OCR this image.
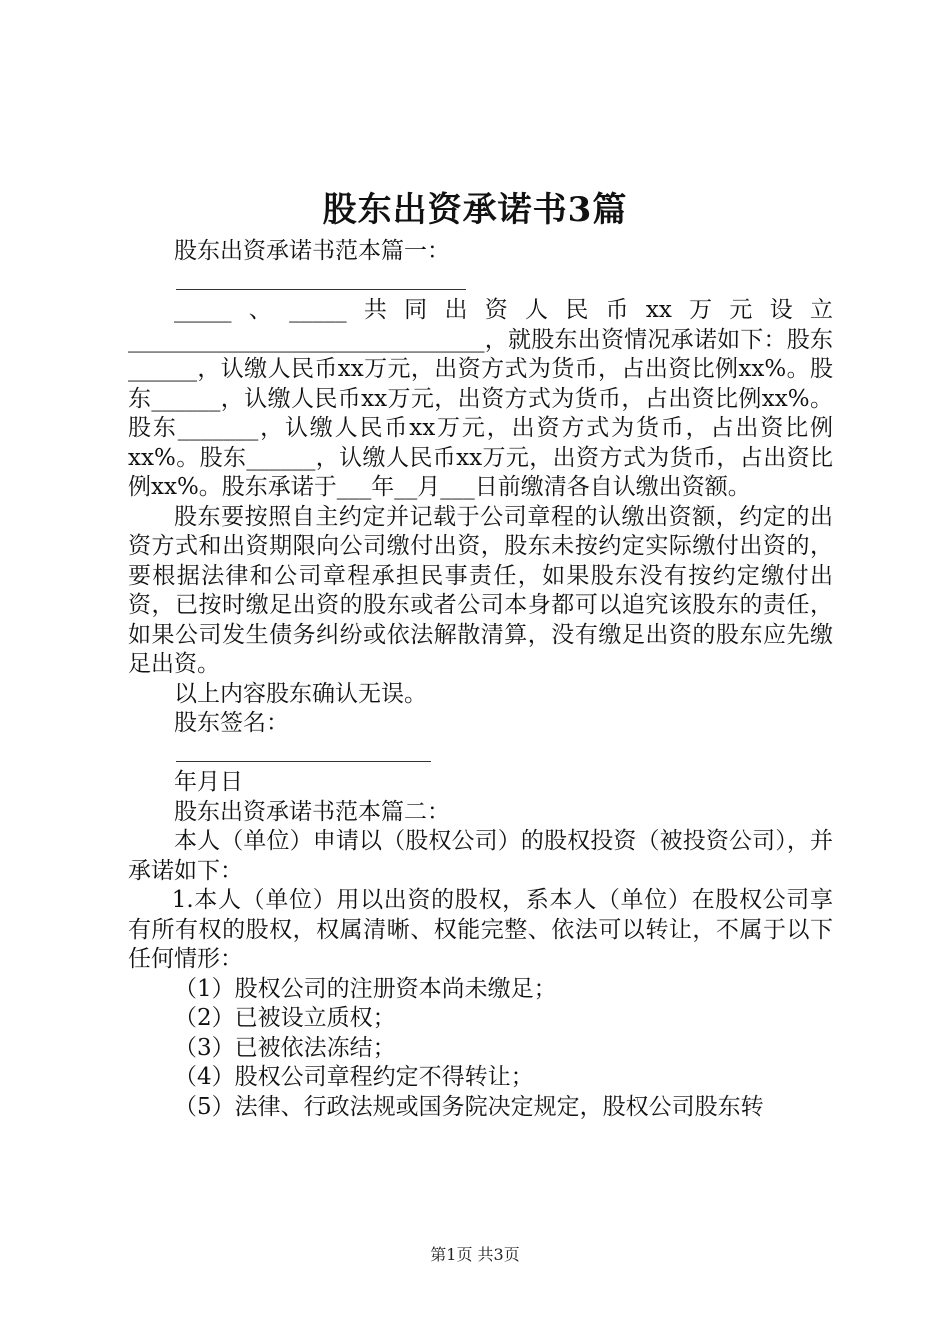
股东出资承诺书3篇

股东出资承诺书范本篇一：

_____、_____共同出资人民币xx万元设立_______________________________，就股东出资情况承诺如下：股东______，认缴人民币xx万元，出资方式为货币，占出资比例xx%。股东______，认缴人民币xx万元，出资方式为货币，占出资比例xx%。股东_______，认缴人民币xx万元，出资方式为货币，占出资比例xx%。股东______，认缴人民币xx万元，出资方式为货币，占出资比例xx%。股东承诺于___年__月___日前缴清各自认缴出资额。

股东要按照自主约定并记载于公司章程的认缴出资额，约定的出资方式和出资期限向公司缴付出资，股东未按约定实际缴付出资的，要根据法律和公司章程承担民事责任，如果股东没有按约定缴付出资，已按时缴足出资的股东或者公司本身都可以追究该股东的责任，如果公司发生债务纠纷或依法解散清算，没有缴足出资的股东应先缴足出资。

以上内容股东确认无误。

股东签名：

年月日

股东出资承诺书范本篇二：

本人（单位）申请以（股权公司）的股权投资（被投资公司），并承诺如下：

1.本人（单位）用以出资的股权，系本人（单位）在股权公司享有所有权的股权，权属清晰、权能完整、依法可以转让，不属于以下任何情形：

（1）股权公司的注册资本尚未缴足；

（2）已被设立质权；

（3）已被依法冻结；

（4）股权公司章程约定不得转让；

（5）法律、行政法规或国务院决定规定，股权公司股东转

第1页 共3页
